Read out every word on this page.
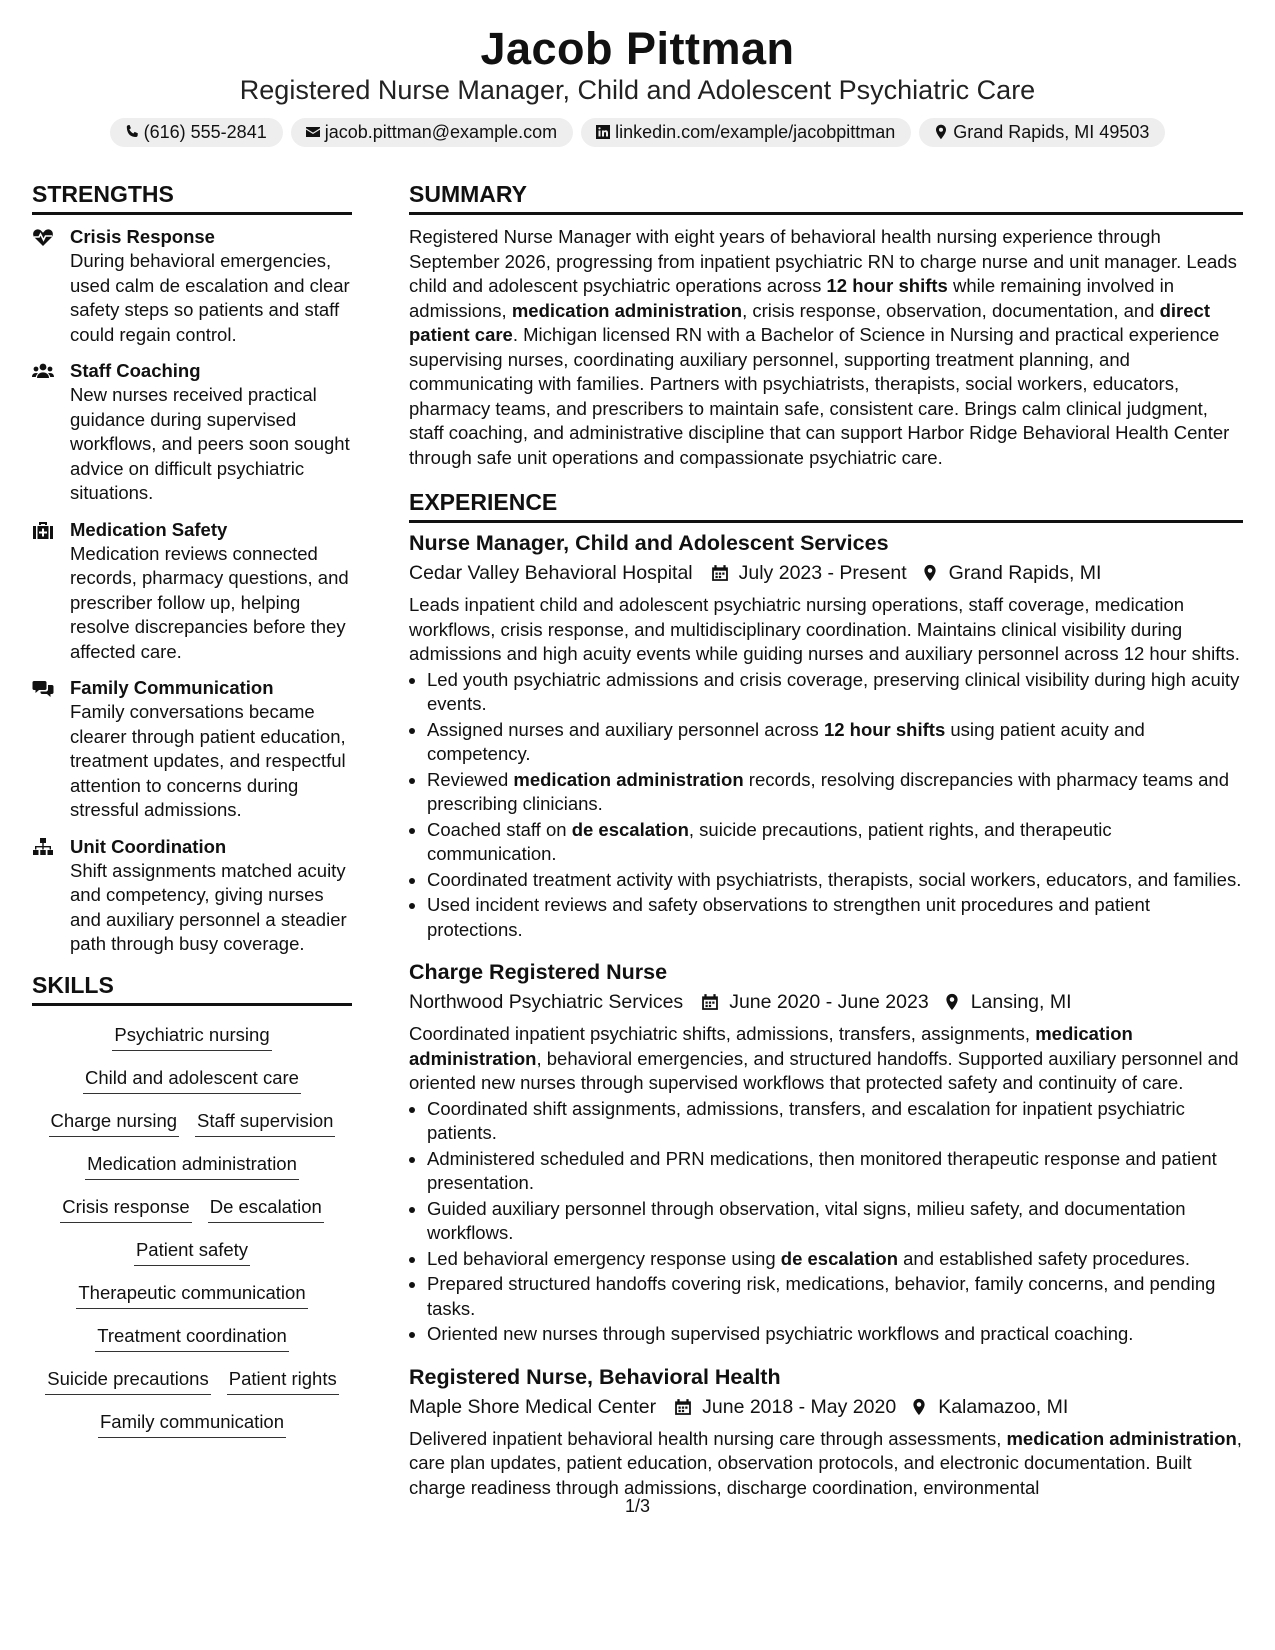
Jacob Pittman
Registered Nurse Manager, Child and Adolescent Psychiatric Care
(616) 555-2841	jacob.pittman@example.com	linkedin.com/example/jacobpittman	Grand Rapids, MI 49503
STRENGTHS
Crisis Response
During behavioral emergencies, used calm de escalation and clear safety steps so patients and staff could regain control.
Staff Coaching
New nurses received practical guidance during supervised workflows, and peers soon sought advice on difficult psychiatric situations.
Medication Safety
Medication reviews connected records, pharmacy questions, and prescriber follow up, helping resolve discrepancies before they affected care.
Family Communication
Family conversations became clearer through patient education, treatment updates, and respectful attention to concerns during stressful admissions.
Unit Coordination
Shift assignments matched acuity and competency, giving nurses and auxiliary personnel a steadier path through busy coverage.
SKILLS
Psychiatric nursing
Child and adolescent care
Charge nursing Staff supervision
Medication administration
Crisis response De escalation
Patient safety
Therapeutic communication
Treatment coordination
Suicide precautions Patient rights
Family communication
SUMMARY

Registered Nurse Manager with eight years of behavioral health nursing experience through September 2026, progressing from inpatient psychiatric RN to charge nurse and unit manager. Leads child and adolescent psychiatric operations across 12 hour shifts while remaining involved in admissions, medication administration, crisis response, observation, documentation, and direct patient care. Michigan licensed RN with a Bachelor of Science in Nursing and practical experience supervising nurses, coordinating auxiliary personnel, supporting treatment planning, and communicating with families. Partners with psychiatrists, therapists, social workers, educators, pharmacy teams, and prescribers to maintain safe, consistent care. Brings calm clinical judgment, staff coaching, and administrative discipline that can support Harbor Ridge Behavioral Health Center through safe unit operations and compassionate psychiatric care.

EXPERIENCE
Nurse Manager, Child and Adolescent Services
Cedar Valley Behavioral Hospital July 2023 - Present Grand Rapids, MI

Leads inpatient child and adolescent psychiatric nursing operations, staff coverage, medication workflows, crisis response, and multidisciplinary coordination. Maintains clinical visibility during admissions and high acuity events while guiding nurses and auxiliary personnel across 12 hour shifts.

• Led youth psychiatric admissions and crisis coverage, preserving clinical visibility during high acuity events.
• Assigned nurses and auxiliary personnel across 12 hour shifts using patient acuity and competency.
• Reviewed medication administration records, resolving discrepancies with pharmacy teams and prescribing clinicians.
• Coached staff on de escalation, suicide precautions, patient rights, and therapeutic communication.
• Coordinated treatment activity with psychiatrists, therapists, social workers, educators, and families.
• Used incident reviews and safety observations to strengthen unit procedures and patient protections.
Charge Registered Nurse
Northwood Psychiatric Services June 2020 - June 2023 Lansing, MI

Coordinated inpatient psychiatric shifts, admissions, transfers, assignments, medication administration, behavioral emergencies, and structured handoffs. Supported auxiliary personnel and oriented new nurses through supervised workflows that protected safety and continuity of care.

• Coordinated shift assignments, admissions, transfers, and escalation for inpatient psychiatric patients.
• Administered scheduled and PRN medications, then monitored therapeutic response and patient presentation.
• Guided auxiliary personnel through observation, vital signs, milieu safety, and documentation workflows.
• Led behavioral emergency response using de escalation and established safety procedures.
• Prepared structured handoffs covering risk, medications, behavior, family concerns, and pending tasks.
• Oriented new nurses through supervised psychiatric workflows and practical coaching.
Registered Nurse, Behavioral Health
Maple Shore Medical Center June 2018 - May 2020 Kalamazoo, MI

Delivered inpatient behavioral health nursing care through assessments, medication administration, care plan updates, patient education, observation protocols, and electronic documentation. Built charge readiness through admissions, discharge coordination, environmental

1/3
